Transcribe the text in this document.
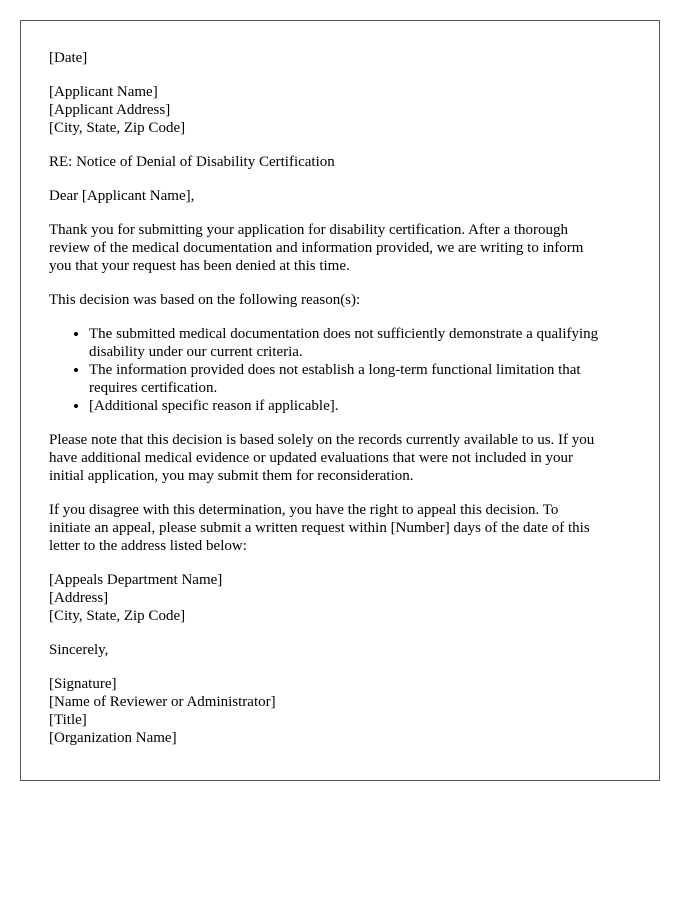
[Date]

[Applicant Name]
[Applicant Address]
[City, State, Zip Code]

RE: Notice of Denial of Disability Certification

Dear [Applicant Name],

Thank you for submitting your application for disability certification. After a thorough
review of the medical documentation and information provided, we are writing to inform
you that your request has been denied at this time.

This decision was based on the following reason(s):

• The submitted medical documentation does not sufficiently demonstrate a qualifying
disability under our current criteria.
• The information provided does not establish a long-term functional limitation that
requires certification.
• [Additional specific reason if applicable].

Please note that this decision is based solely on the records currently available to us. If you
have additional medical evidence or updated evaluations that were not included in your
initial application, you may submit them for reconsideration.

If you disagree with this determination, you have the right to appeal this decision. To
initiate an appeal, please submit a written request within [Number] days of the date of this
letter to the address listed below:

[Appeals Department Name]
[Address]
[City, State, Zip Code]

Sincerely,

[Signature]
[Name of Reviewer or Administrator]
[Title]
[Organization Name]
